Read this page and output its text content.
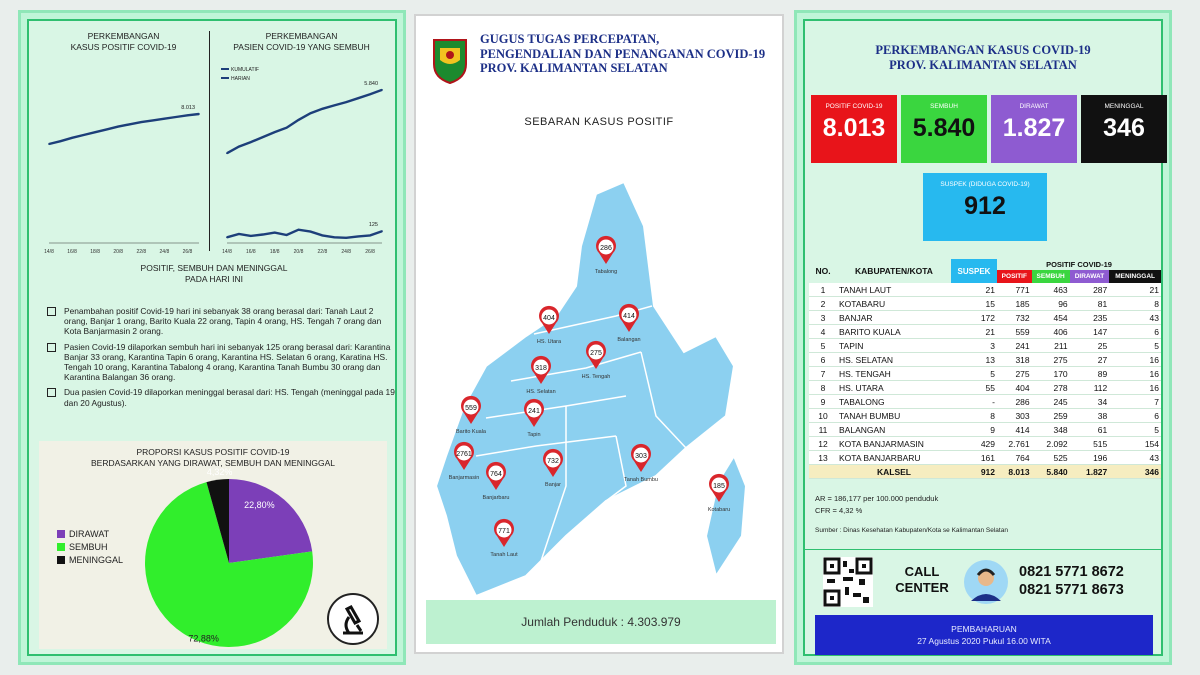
PERKEMBANGAN
KASUS POSITIF COVID-19
PERKEMBANGAN
PASIEN COVID-19 YANG SEMBUH
14/8	16/8	18/8	20/8	22/8	24/8	26/8
8.013
14/8	16/8	18/8	20/8	22/8	24/8	26/8
5.840
125
KUMULATIF
HARIAN
POSITIF, SEMBUH DAN MENINGGAL
PADA HARI INI
Penambahan positif Covid-19 hari ini sebanyak 38 orang berasal dari: Tanah Laut 2 orang, Banjar 1 orang, Barito Kuala 22 orang, Tapin 4 orang, HS. Tengah 7 orang dan Kota Banjarmasin 2 orang.
Pasien Covid-19 dilaporkan sembuh hari ini sebanyak 125 orang berasal dari: Karantina Banjar 33 orang, Karantina Tapin 6 orang, Karantina HS. Selatan 6 orang, Karatina HS. Tengah 10 orang, Karantina Tabalong 4 orang, Karantina Tanah Bumbu 30 orang dan Karantina Balangan 36 orang.
Dua pasien Covid-19 dilaporkan meninggal berasal dari: HS. Tengah (meninggal pada 19 dan 20 Agustus).
PROPORSI KASUS POSITIF COVID-19
BERDASARKAN YANG DIRAWAT, SEMBUH DAN MENINGGAL
DIRAWAT
SEMBUH
MENINGGAL
22,80%
72,88%
4,32%
GUGUS TUGAS PERCEPATAN,
PENGENDALIAN DAN PENANGANAN COVID-19
PROV. KALIMANTAN SELATAN
SEBARAN KASUS POSITIF
286
Tabalong
404
HS. Utara
414
Balangan
275
HS. Tengah
318
HS. Selatan
559
Barito Kuala
241
Tapin
2761
Banjarmasin 764
Banjarbaru
732
Banjar
303
Tanah Bumbu
185
Kotabaru
771
Tanah Laut
Jumlah Penduduk : 4.303.979
PERKEMBANGAN KASUS COVID-19
PROV. KALIMANTAN SELATAN
POSITIF COVID-19
8.013
SEMBUH
5.840
DIRAWAT
1.827
MENINGGAL
346
SUSPEK (DIDUGA COVID-19)
912
NO.	KABUPATEN/KOTA	SUSPEK	POSITIF COVID-19			
			POSITIF	SEMBUH	DIRAWAT	MENINGGAL
1	TANAH LAUT	21	771	463	287	21
2	KOTABARU	15	185	96	81	8
3	BANJAR	172	732	454	235	43
4	BARITO KUALA	21	559	406	147	6
5	TAPIN	3	241	211	25	5
6	HS. SELATAN	13	318	275	27	16
7	HS. TENGAH	5	275	170	89	16
8	HS. UTARA	55	404	278	112	16
9	TABALONG	-	286	245	34	7
10	TANAH BUMBU	8	303	259	38	6
11	BALANGAN	9	414	348	61	5
12	KOTA BANJARMASIN	429	2.761	2.092	515	154
13	KOTA BANJARBARU	161	764	525	196	43
	KALSEL	912	8.013	5.840	1.827	346
AR = 186,177 per 100.000 penduduk
CFR = 4,32 %
Sumber : Dinas Kesehatan Kabupaten/Kota se Kalimantan Selatan
CALL
CENTER
0821 5771 8672
0821 5771 8673
PEMBAHARUAN
27 Agustus 2020 Pukul 16.00 WITA
